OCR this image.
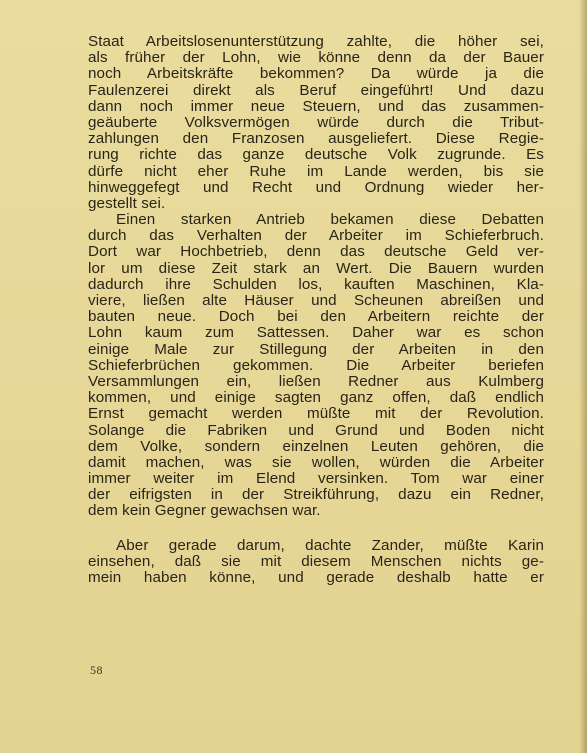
Staat Arbeitslosenunterstützung zahlte, die höher sei,
als früher der Lohn, wie könne denn da der Bauer
noch Arbeitskräfte bekommen? Da würde ja die
Faulenzerei direkt als Beruf eingeführt! Und dazu
dann noch immer neue Steuern, und das zusammen-
geäuberte Volksvermögen würde durch die Tribut-
zahlungen den Franzosen ausgeliefert. Diese Regie-
rung richte das ganze deutsche Volk zugrunde. Es
dürfe nicht eher Ruhe im Lande werden, bis sie
hinweggefegt und Recht und Ordnung wieder her-
gestellt sei.
Einen starken Antrieb bekamen diese Debatten
durch das Verhalten der Arbeiter im Schieferbruch.
Dort war Hochbetrieb, denn das deutsche Geld ver-
lor um diese Zeit stark an Wert. Die Bauern wurden
dadurch ihre Schulden los, kauften Maschinen, Kla-
viere, ließen alte Häuser und Scheunen abreißen und
bauten neue. Doch bei den Arbeitern reichte der
Lohn kaum zum Sattessen. Daher war es schon
einige Male zur Stillegung der Arbeiten in den
Schieferbrüchen gekommen. Die Arbeiter beriefen
Versammlungen ein, ließen Redner aus Kulmberg
kommen, und einige sagten ganz offen, daß endlich
Ernst gemacht werden müßte mit der Revolution.
Solange die Fabriken und Grund und Boden nicht
dem Volke, sondern einzelnen Leuten gehören, die
damit machen, was sie wollen, würden die Arbeiter
immer weiter im Elend versinken. Tom war einer
der eifrigsten in der Streikführung, dazu ein Redner,
dem kein Gegner gewachsen war.
Aber gerade darum, dachte Zander, müßte Karin
einsehen, daß sie mit diesem Menschen nichts ge-
mein haben könne, und gerade deshalb hatte er
58
